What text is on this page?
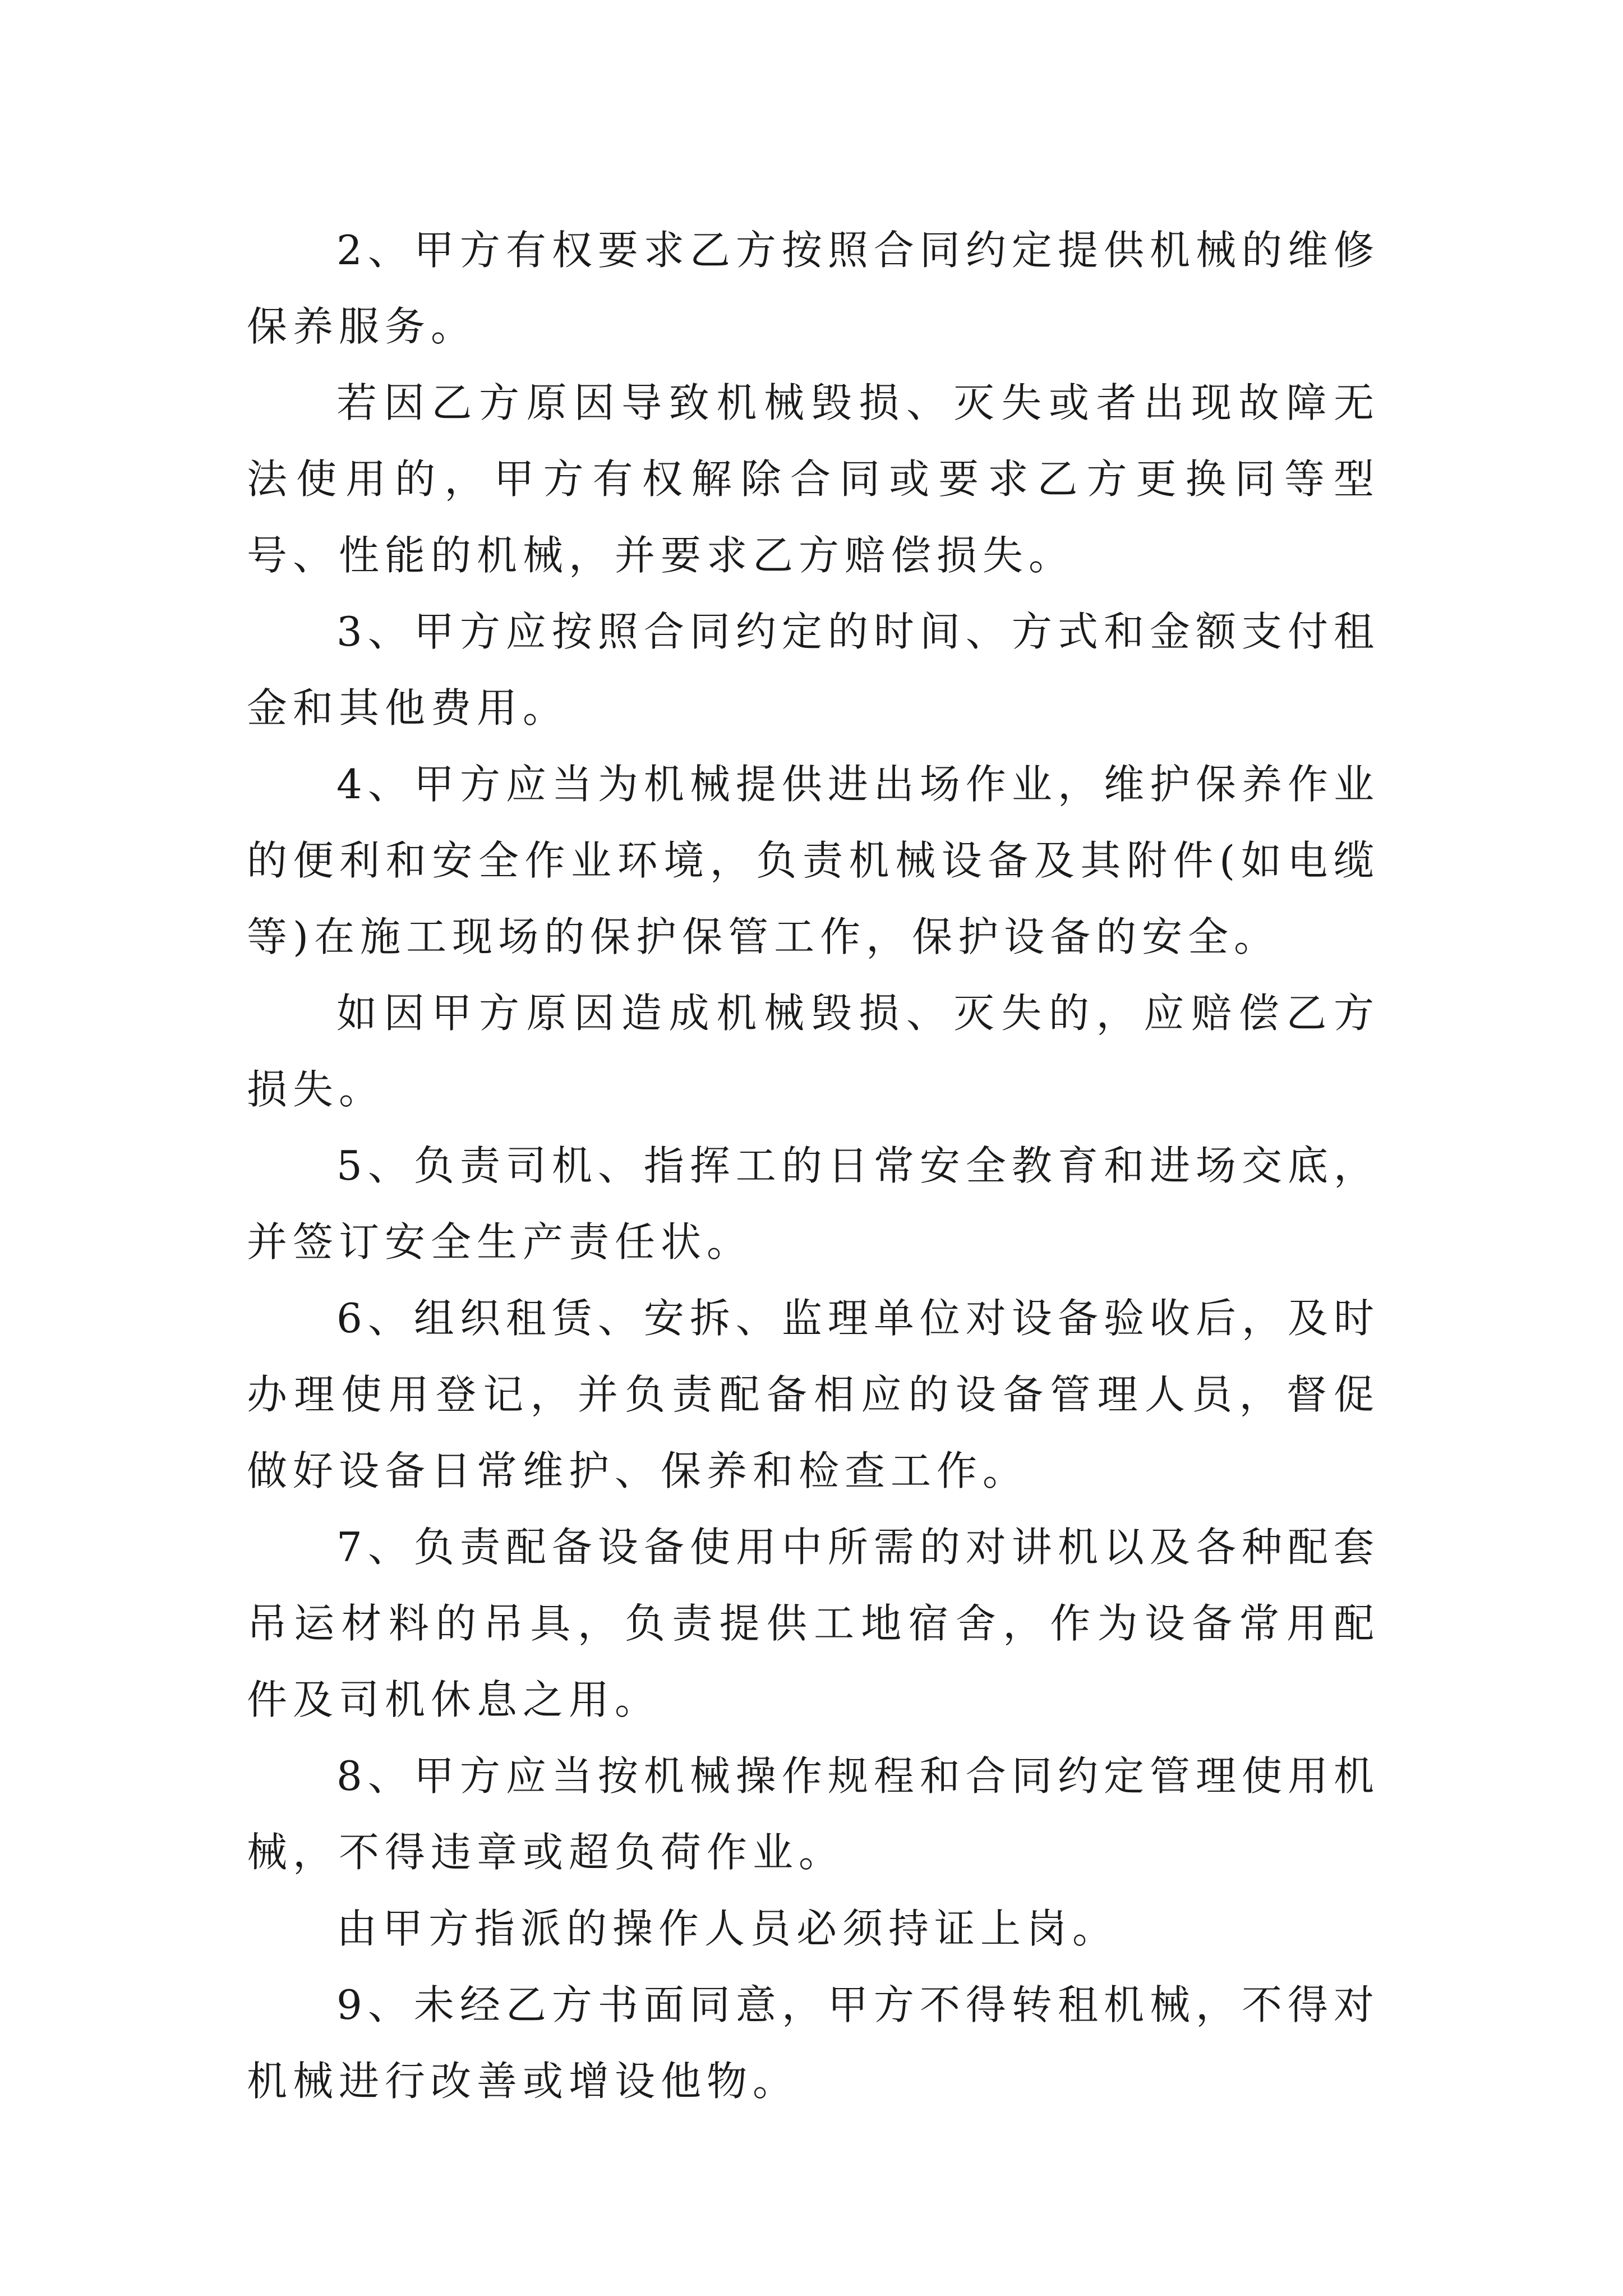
2、甲方有权要求乙方按照合同约定提供机械的维修保养服务。

若因乙方原因导致机械毁损、灭失或者出现故障无法使用的，甲方有权解除合同或要求乙方更换同等型号、性能的机械，并要求乙方赔偿损失。

3、甲方应按照合同约定的时间、方式和金额支付租金和其他费用。

4、甲方应当为机械提供进出场作业，维护保养作业的便利和安全作业环境，负责机械设备及其附件(如电缆等)在施工现场的保护保管工作，保护设备的安全。

如因甲方原因造成机械毁损、灭失的，应赔偿乙方损失。

5、负责司机、指挥工的日常安全教育和进场交底，并签订安全生产责任状。

6、组织租赁、安拆、监理单位对设备验收后，及时办理使用登记，并负责配备相应的设备管理人员，督促做好设备日常维护、保养和检查工作。

7、负责配备设备使用中所需的对讲机以及各种配套吊运材料的吊具，负责提供工地宿舍，作为设备常用配件及司机休息之用。

8、甲方应当按机械操作规程和合同约定管理使用机械，不得违章或超负荷作业。

由甲方指派的操作人员必须持证上岗。

9、未经乙方书面同意，甲方不得转租机械，不得对机械进行改善或增设他物。
